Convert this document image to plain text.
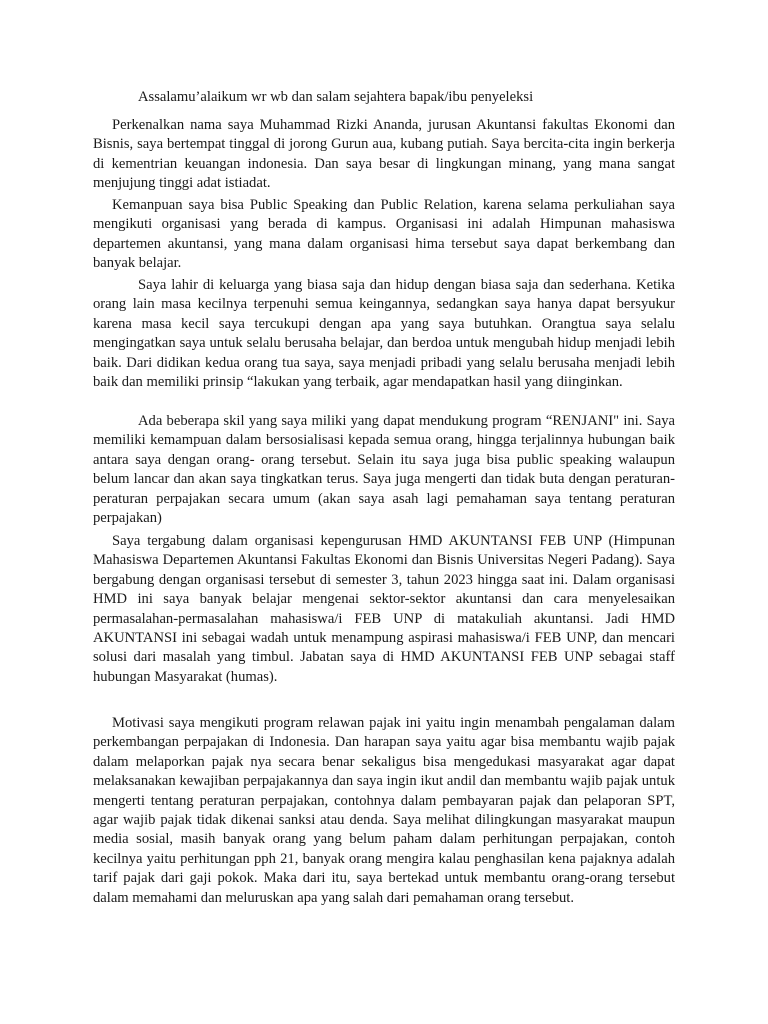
Assalamu’alaikum wr wb dan salam sejahtera bapak/ibu penyeleksi

Perkenalkan nama saya Muhammad Rizki Ananda, jurusan Akuntansi fakultas Ekonomi dan Bisnis, saya bertempat tinggal di jorong Gurun aua, kubang putiah. Saya bercita-cita ingin berkerja di kementrian keuangan indonesia. Dan saya besar di lingkungan minang, yang mana sangat menjujung tinggi adat istiadat.

Kemanpuan saya bisa Public Speaking dan Public Relation, karena selama perkuliahan saya mengikuti organisasi yang berada di kampus. Organisasi ini adalah Himpunan mahasiswa departemen akuntansi, yang mana dalam organisasi hima tersebut saya dapat berkembang dan banyak belajar.

Saya lahir di keluarga yang biasa saja dan hidup dengan biasa saja dan sederhana. Ketika orang lain masa kecilnya terpenuhi semua keingannya, sedangkan saya hanya dapat bersyukur karena masa kecil saya tercukupi dengan apa yang saya butuhkan. Orangtua saya selalu mengingatkan saya untuk selalu berusaha belajar, dan berdoa untuk mengubah hidup menjadi lebih baik. Dari didikan kedua orang tua saya, saya menjadi pribadi yang selalu berusaha menjadi lebih baik dan memiliki prinsip “lakukan yang terbaik, agar mendapatkan hasil yang diinginkan.

Ada beberapa skil yang saya miliki yang dapat mendukung program “RENJANI" ini. Saya memiliki kemampuan dalam bersosialisasi kepada semua orang, hingga terjalinnya hubungan baik antara saya dengan orang- orang tersebut. Selain itu saya juga bisa public speaking walaupun belum lancar dan akan saya tingkatkan terus. Saya juga mengerti dan tidak buta dengan peraturan-peraturan perpajakan secara umum (akan saya asah lagi pemahaman saya tentang peraturan perpajakan)

Saya tergabung dalam organisasi kepengurusan HMD AKUNTANSI FEB UNP (Himpunan Mahasiswa Departemen Akuntansi Fakultas Ekonomi dan Bisnis Universitas Negeri Padang). Saya bergabung dengan organisasi tersebut di semester 3, tahun 2023 hingga saat ini. Dalam organisasi HMD ini saya banyak belajar mengenai sektor-sektor akuntansi dan cara menyelesaikan permasalahan-permasalahan mahasiswa/i FEB UNP di matakuliah akuntansi. Jadi HMD AKUNTANSI ini sebagai wadah untuk menampung aspirasi mahasiswa/i FEB UNP, dan mencari solusi dari masalah yang timbul. Jabatan saya di HMD AKUNTANSI FEB UNP sebagai staff hubungan Masyarakat (humas).

Motivasi saya mengikuti program relawan pajak ini yaitu ingin menambah pengalaman dalam perkembangan perpajakan di Indonesia. Dan harapan saya yaitu agar bisa membantu wajib pajak dalam melaporkan pajak nya secara benar sekaligus bisa mengedukasi masyarakat agar dapat melaksanakan kewajiban perpajakannya dan saya ingin ikut andil dan membantu wajib pajak untuk mengerti tentang peraturan perpajakan, contohnya dalam pembayaran pajak dan pelaporan SPT, agar wajib pajak tidak dikenai sanksi atau denda. Saya melihat dilingkungan masyarakat maupun media sosial, masih banyak orang yang belum paham dalam perhitungan perpajakan, contoh kecilnya yaitu perhitungan pph 21, banyak orang mengira kalau penghasilan kena pajaknya adalah tarif pajak dari gaji pokok. Maka dari itu, saya bertekad untuk membantu orang-orang tersebut dalam memahami dan meluruskan apa yang salah dari pemahaman orang tersebut.
